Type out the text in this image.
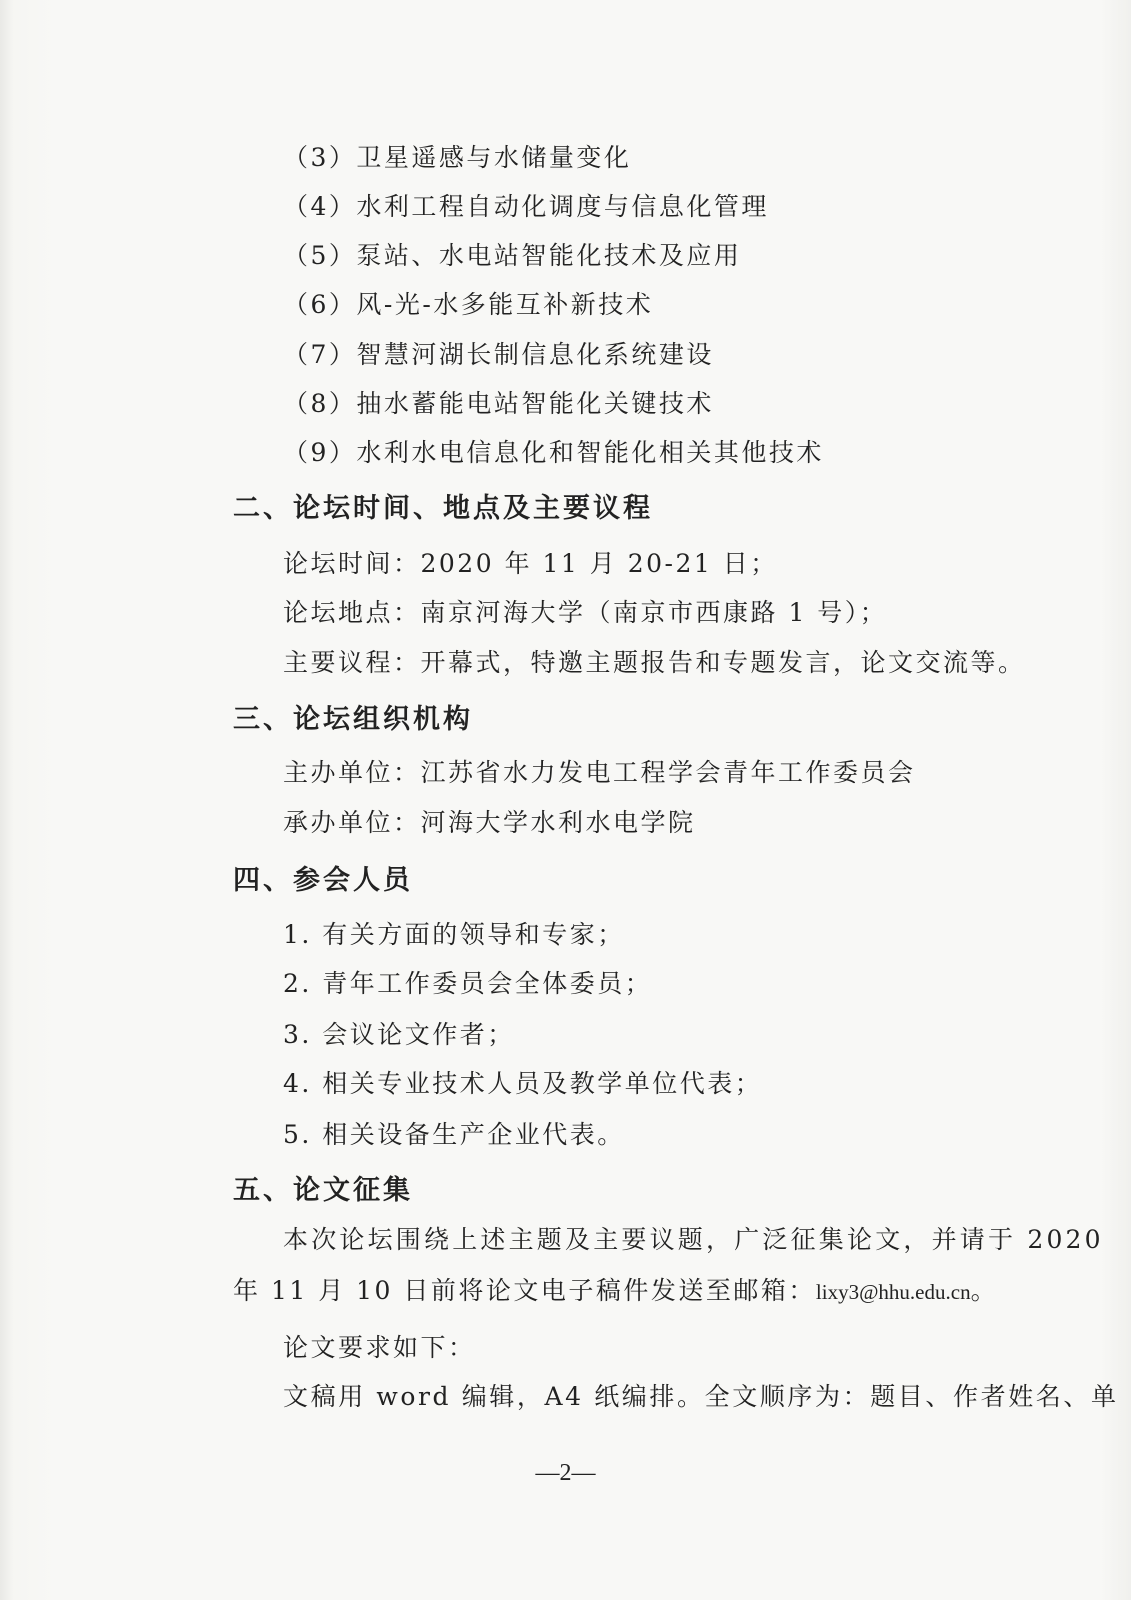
（3）卫星遥感与水储量变化
（4）水利工程自动化调度与信息化管理
（5）泵站、水电站智能化技术及应用
（6）风-光-水多能互补新技术
（7）智慧河湖长制信息化系统建设
（8）抽水蓄能电站智能化关键技术
（9）水利水电信息化和智能化相关其他技术
二、论坛时间、地点及主要议程
论坛时间：2020 年 11 月 20-21 日；
论坛地点：南京河海大学（南京市西康路 1 号）；
主要议程：开幕式，特邀主题报告和专题发言，论文交流等。
三、论坛组织机构
主办单位：江苏省水力发电工程学会青年工作委员会
承办单位：河海大学水利水电学院
四、参会人员
1. 有关方面的领导和专家；
2. 青年工作委员会全体委员；
3. 会议论文作者；
4. 相关专业技术人员及教学单位代表；
5. 相关设备生产企业代表。
五、论文征集
本次论坛围绕上述主题及主要议题，广泛征集论文，并请于 2020
年 11 月 10 日前将论文电子稿件发送至邮箱：lixy3@hhu.edu.cn。
论文要求如下：
文稿用 word 编辑，A4 纸编排。全文顺序为：题目、作者姓名、单
—2—
